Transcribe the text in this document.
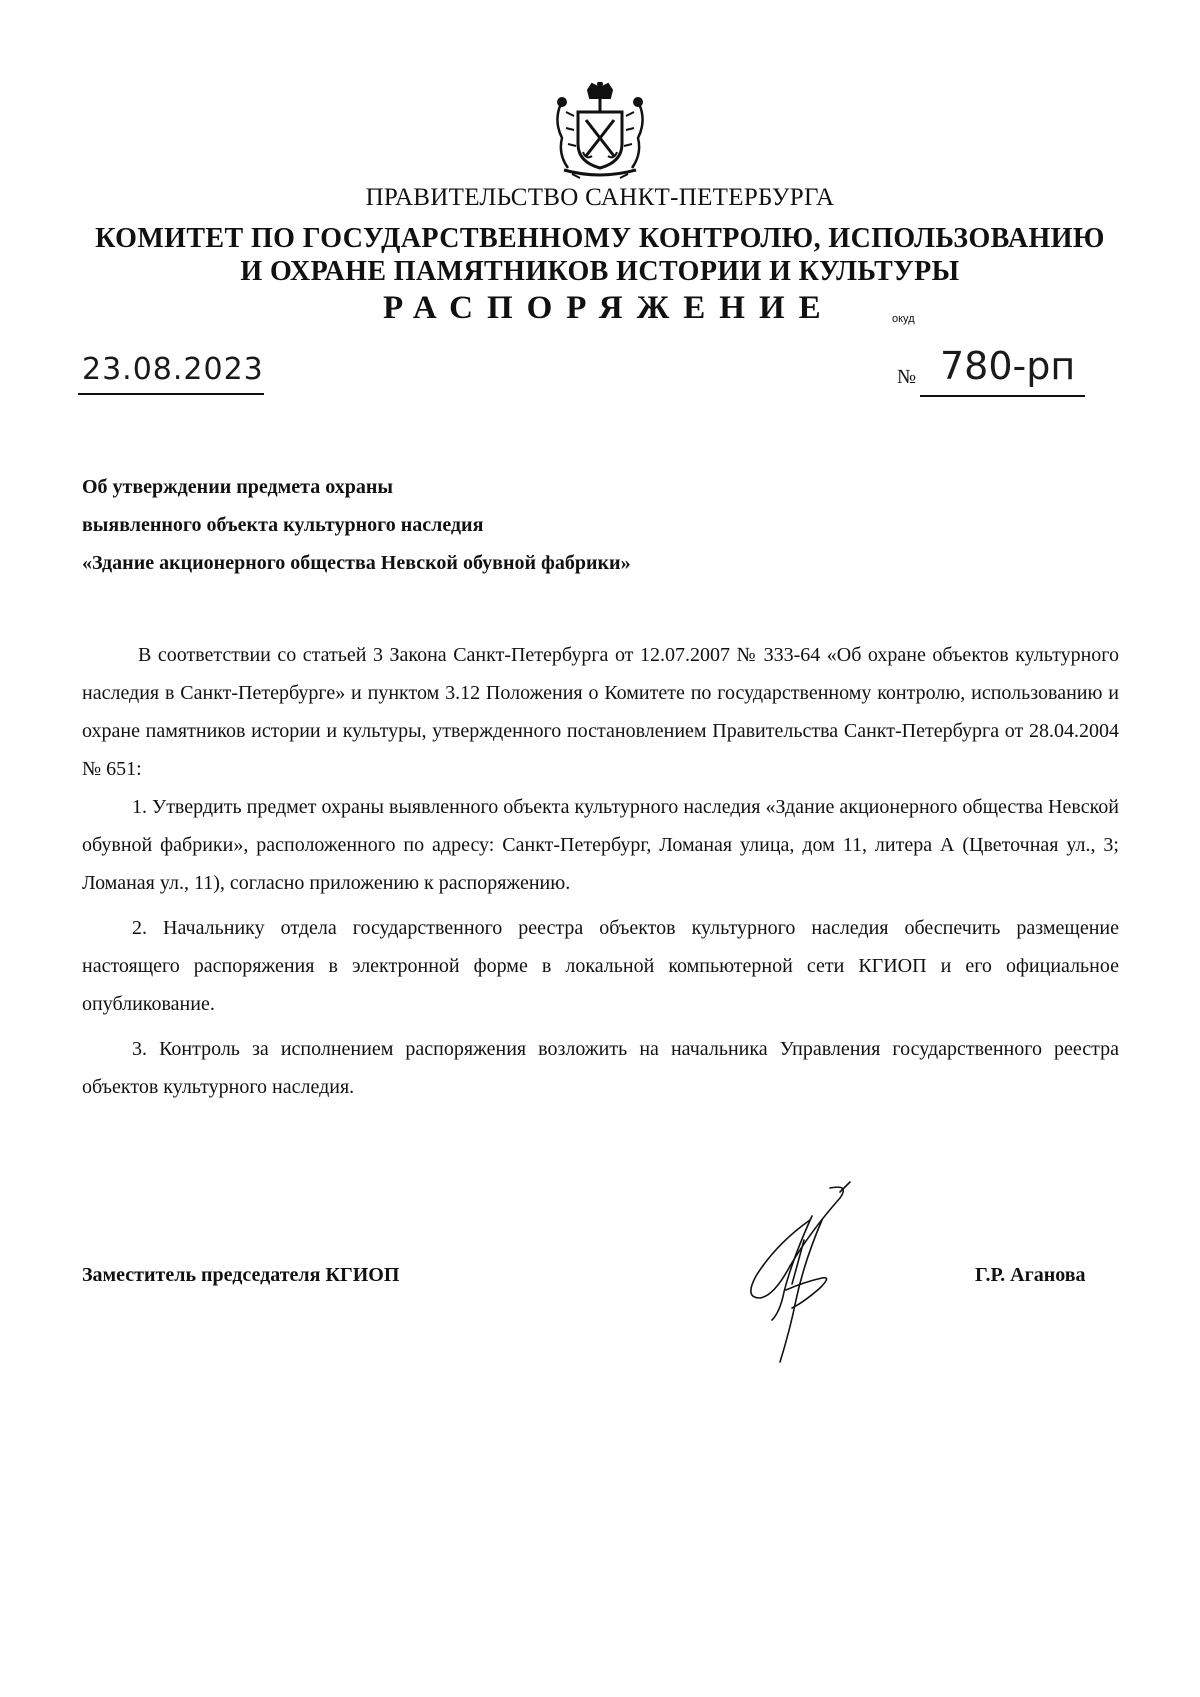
ПРАВИТЕЛЬСТВО САНКТ-ПЕТЕРБУРГА
КОМИТЕТ ПО ГОСУДАРСТВЕННОМУ КОНТРОЛЮ, ИСПОЛЬЗОВАНИЮ
И ОХРАНЕ ПАМЯТНИКОВ ИСТОРИИ И КУЛЬТУРЫ
РАСПОРЯЖЕНИЕ	окуд
23.08.2023	№ 780-рп
Об утверждении предмета охраны
выявленного объекта культурного наследия
«Здание акционерного общества Невской обувной фабрики»

В соответствии со статьей 3 Закона Санкт-Петербурга от 12.07.2007 № 333-64 «Об охране объектов культурного наследия в Санкт-Петербурге» и пунктом 3.12 Положения о Комитете по государственному контролю, использованию и охране памятников истории и культуры, утвержденного постановлением Правительства Санкт-Петербурга от 28.04.2004 № 651:

1. Утвердить предмет охраны выявленного объекта культурного наследия «Здание акционерного общества Невской обувной фабрики», расположенного по адресу: Санкт-Петербург, Ломаная улица, дом 11, литера А (Цветочная ул., 3; Ломаная ул., 11), согласно приложению к распоряжению.

2. Начальнику отдела государственного реестра объектов культурного наследия обеспечить размещение настоящего распоряжения в электронной форме в локальной компьютерной сети КГИОП и его официальное опубликование.

3. Контроль за исполнением распоряжения возложить на начальника Управления государственного реестра объектов культурного наследия.

Заместитель председателя КГИОП	Г.Р. Аганова
